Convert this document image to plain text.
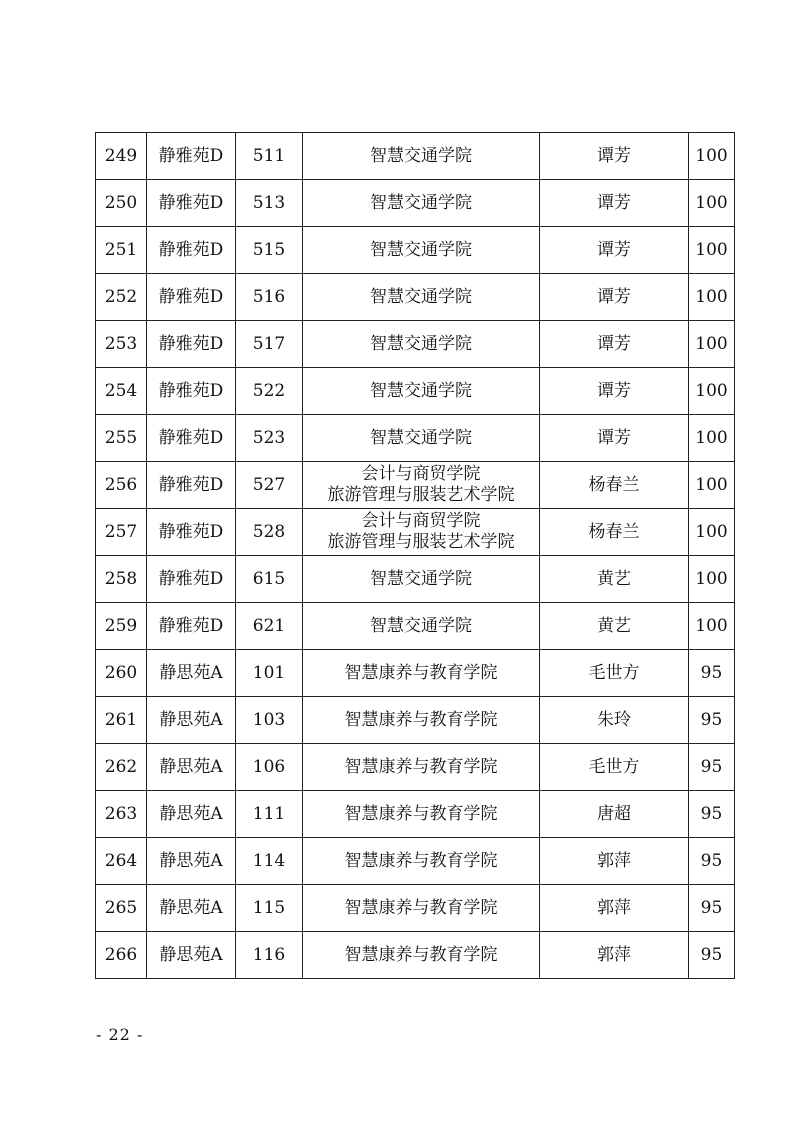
249	静雅苑D	511	智慧交通学院	谭芳	100
250	静雅苑D	513	智慧交通学院	谭芳	100
251	静雅苑D	515	智慧交通学院	谭芳	100
252	静雅苑D	516	智慧交通学院	谭芳	100
253	静雅苑D	517	智慧交通学院	谭芳	100
254	静雅苑D	522	智慧交通学院	谭芳	100
255	静雅苑D	523	智慧交通学院	谭芳	100
256	静雅苑D	527	会计与商贸学院
旅游管理与服装艺术学院	杨春兰	100
257	静雅苑D	528	会计与商贸学院
旅游管理与服装艺术学院	杨春兰	100
258	静雅苑D	615	智慧交通学院	黄艺	100
259	静雅苑D	621	智慧交通学院	黄艺	100
260	静思苑A	101	智慧康养与教育学院	毛世方	95
261	静思苑A	103	智慧康养与教育学院	朱玲	95
262	静思苑A	106	智慧康养与教育学院	毛世方	95
263	静思苑A	111	智慧康养与教育学院	唐超	95
264	静思苑A	114	智慧康养与教育学院	郭萍	95
265	静思苑A	115	智慧康养与教育学院	郭萍	95
266	静思苑A	116	智慧康养与教育学院	郭萍	95
- 22 -
